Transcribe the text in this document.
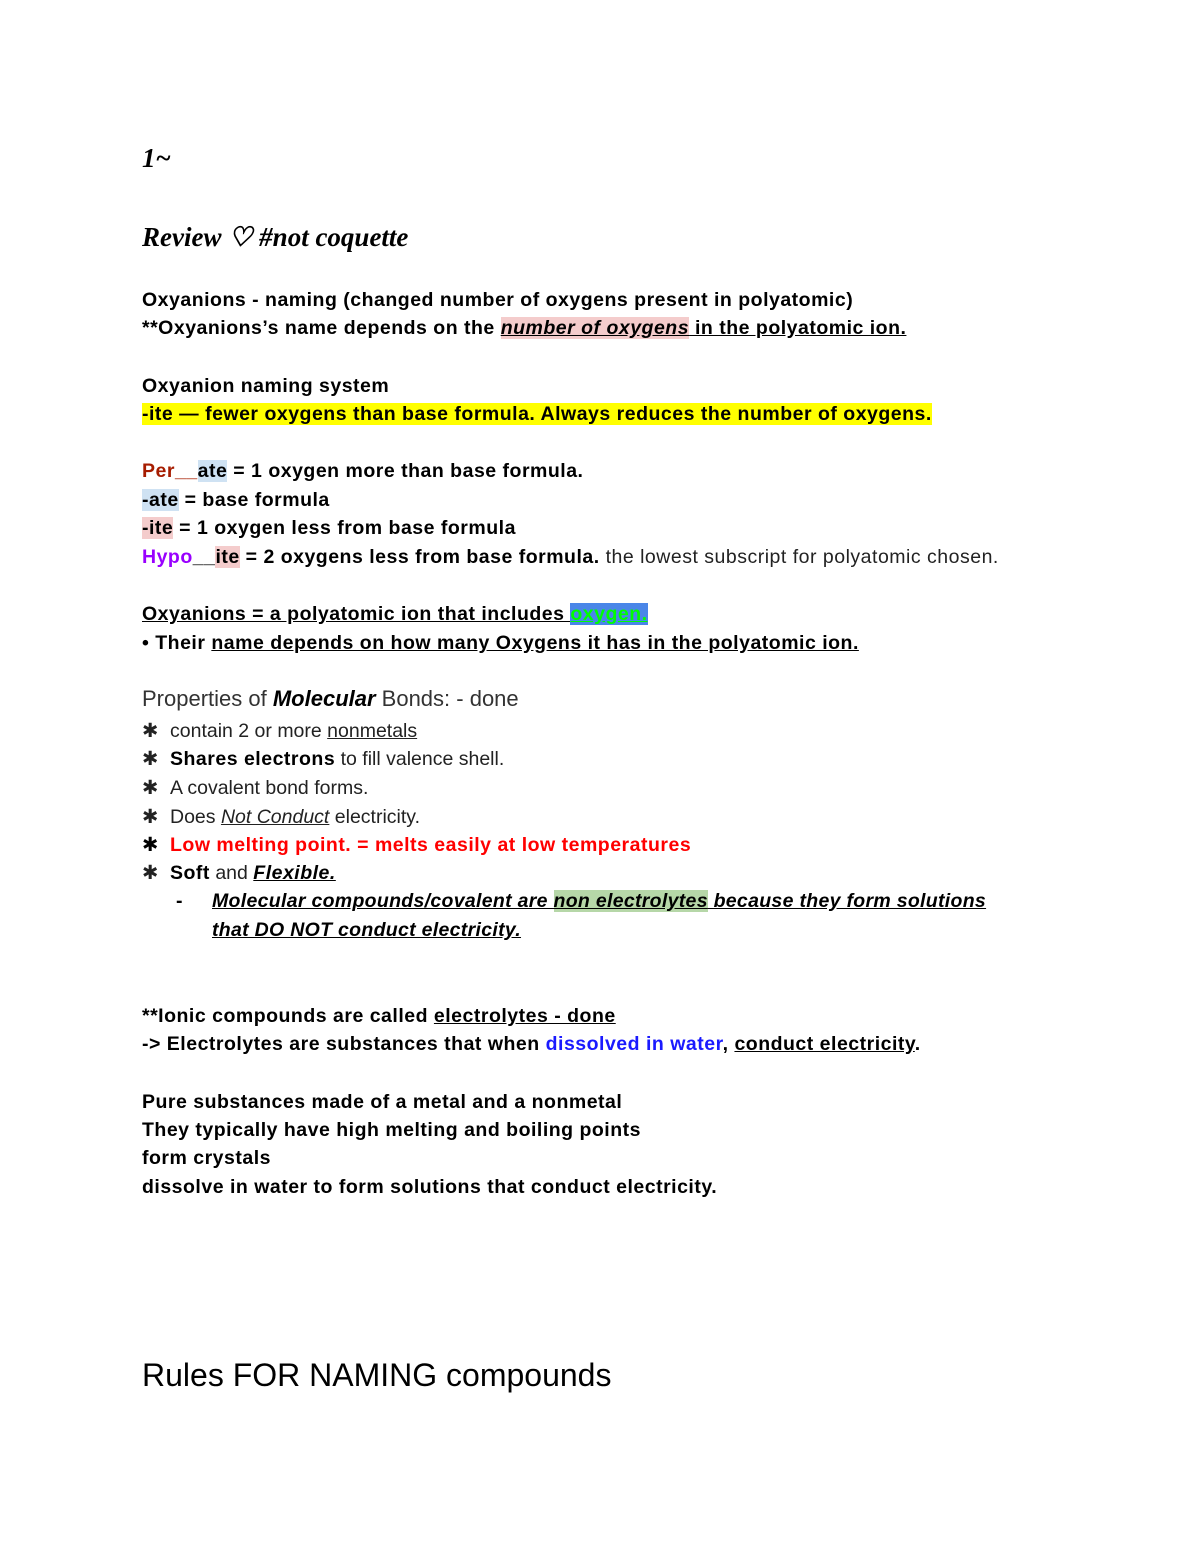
1~
Review ♡ #not coquette
Oxyanions - naming (changed number of oxygens present in polyatomic)
**Oxyanions’s name depends on the number of oxygens in the polyatomic ion.
Oxyanion naming system
-ite — fewer oxygens than base formula. Always reduces the number of oxygens.
Per__ate = 1 oxygen more than base formula.
-ate = base formula
-ite = 1 oxygen less from base formula
Hypo__ite = 2 oxygens less from base formula. the lowest subscript for polyatomic chosen.
Oxyanions = a polyatomic ion that includes oxygen.
• Their name depends on how many Oxygens it has in the polyatomic ion.
Properties of Molecular Bonds: - done
✱ contain 2 or more nonmetals
✱ Shares electrons to fill valence shell.
✱ A covalent bond forms.
✱ Does Not Conduct electricity.
✱ Low melting point. = melts easily at low temperatures
✱ Soft and Flexible.
- Molecular compounds/covalent are non electrolytes because they form solutions
that DO NOT conduct electricity.
**Ionic compounds are called electrolytes - done
-> Electrolytes are substances that when dissolved in water, conduct electricity.
Pure substances made of a metal and a nonmetal
They typically have high melting and boiling points
form crystals
dissolve in water to form solutions that conduct electricity.
Rules FOR NAMING compounds
